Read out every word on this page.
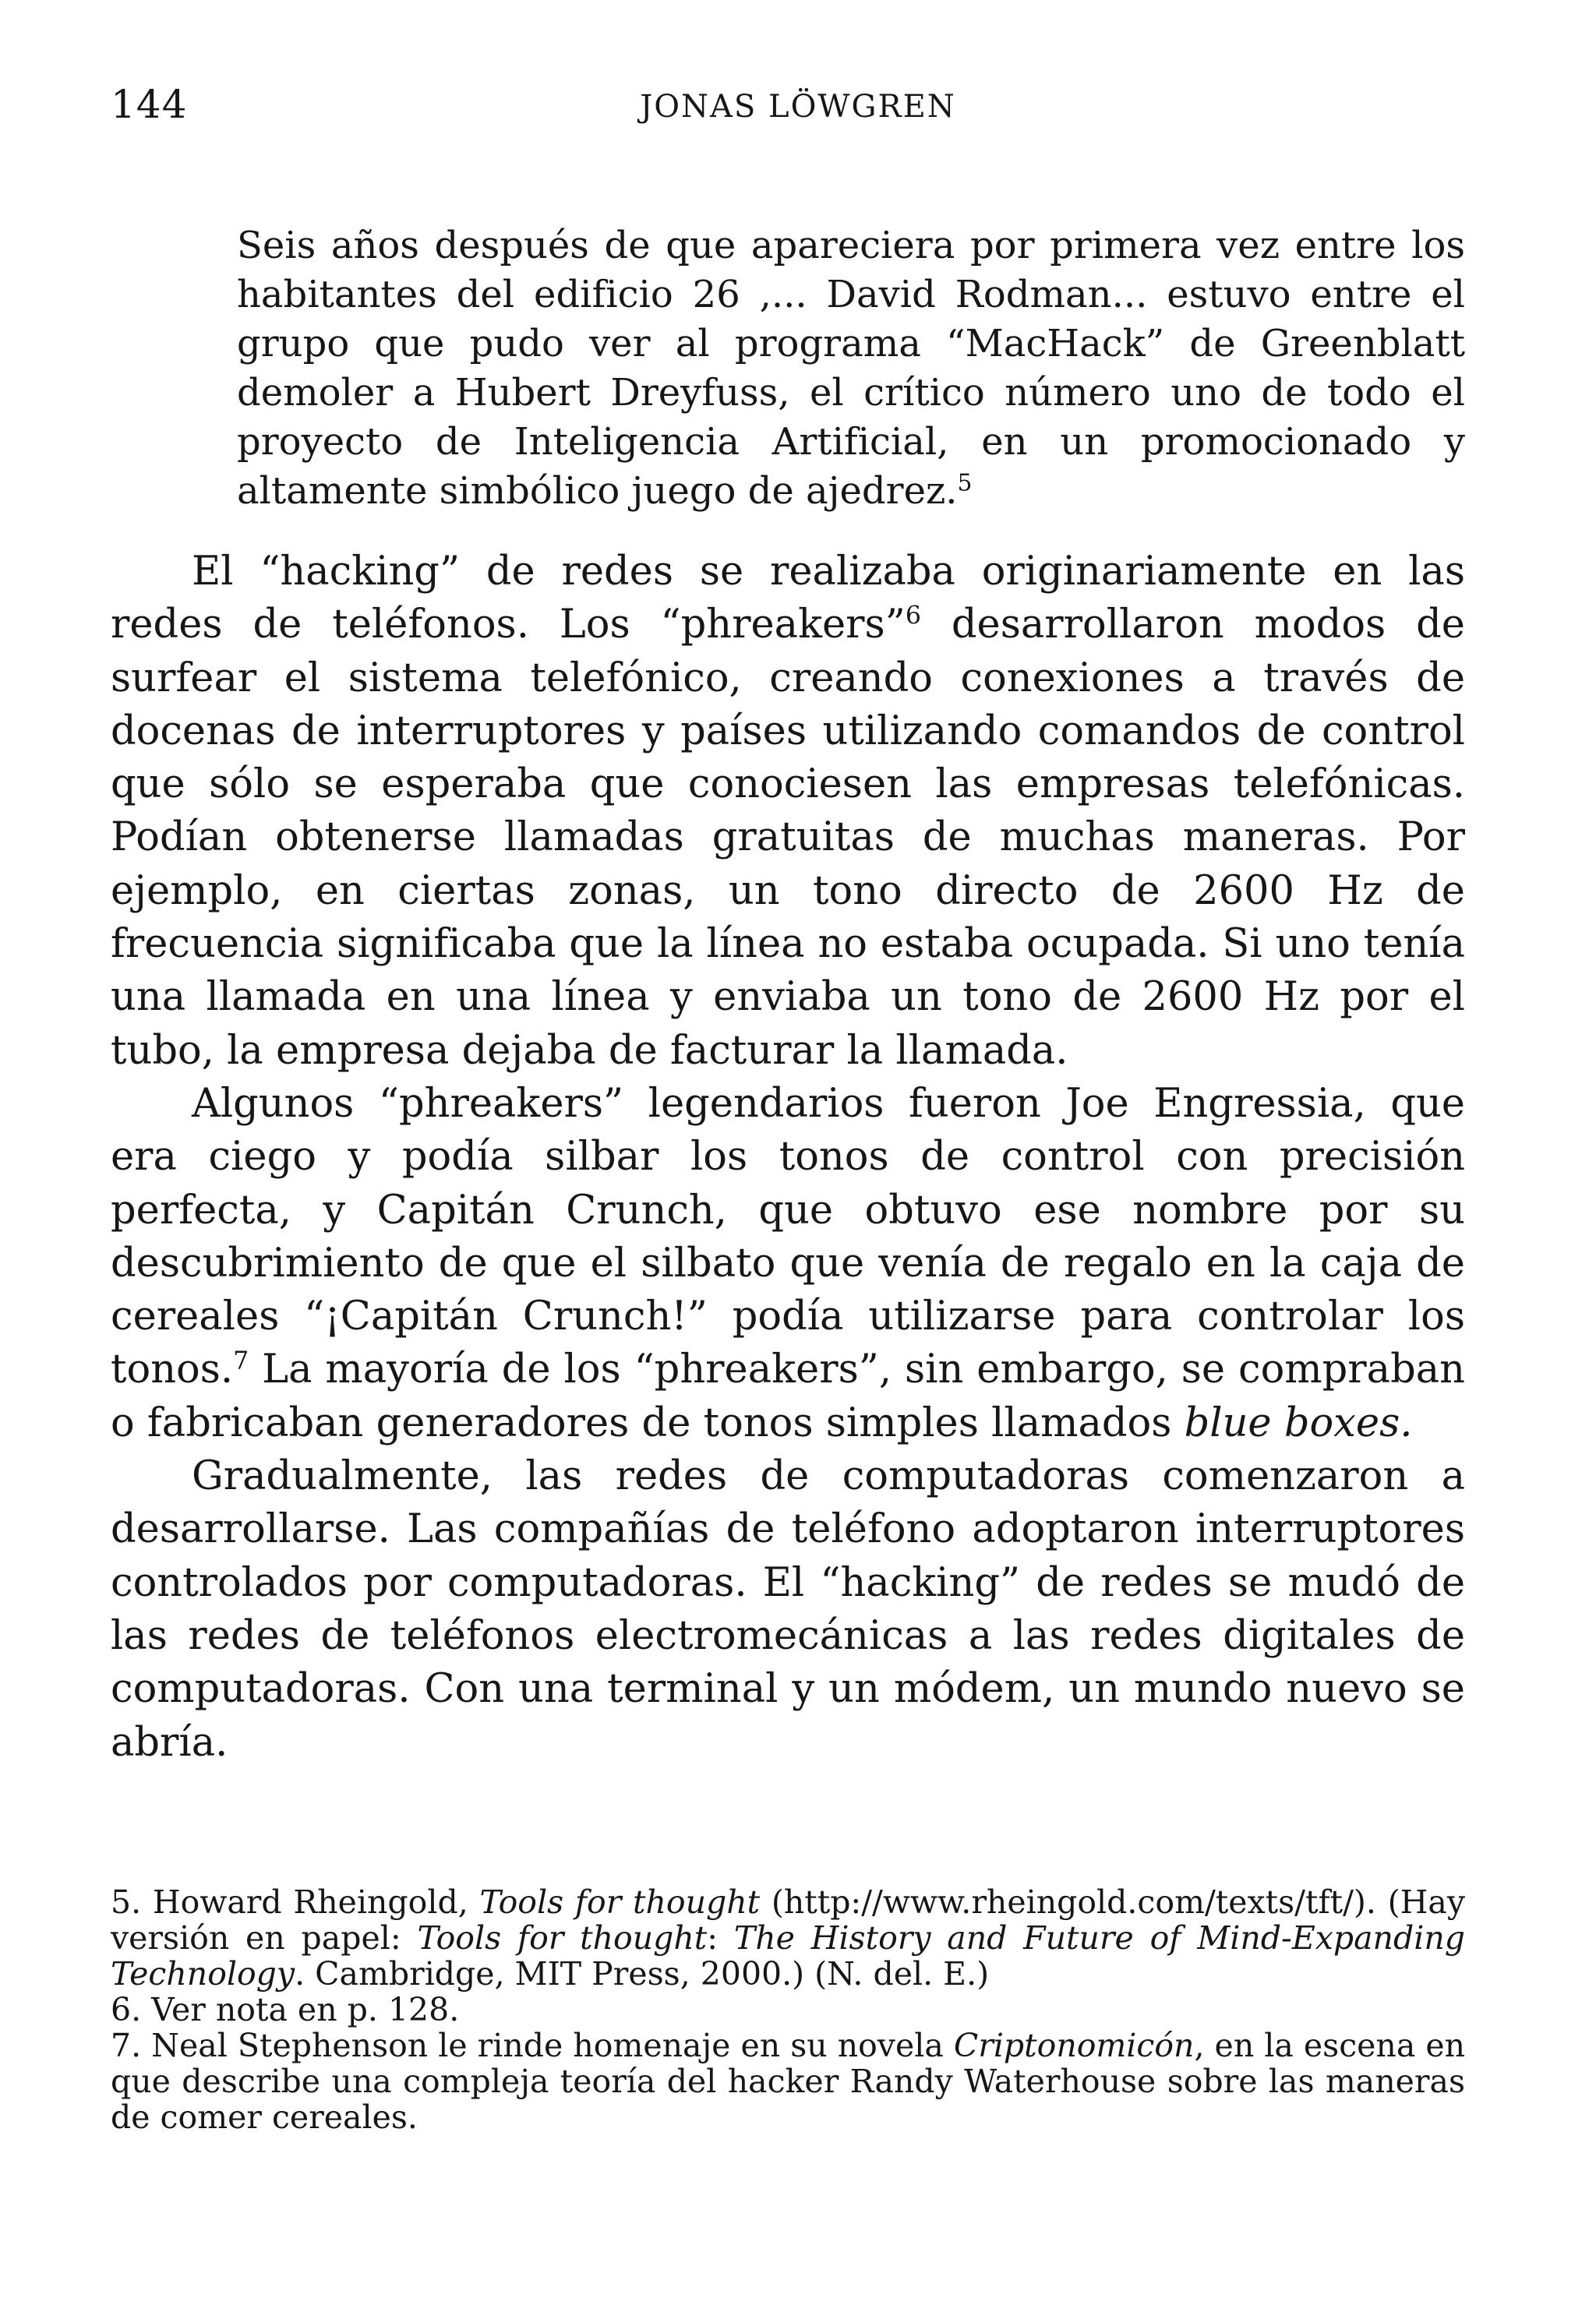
144	JONAS LÖWGREN

Seis años después de que apareciera por primera vez entre los habitantes del edificio 26 ,... David Rodman... estuvo entre el grupo que pudo ver al programa “MacHack” de Greenblatt demoler a Hubert Dreyfuss, el crítico número uno de todo el proyecto de Inteligencia Artificial, en un promocionado y altamente simbólico juego de ajedrez.$^5$

El “hacking” de redes se realizaba originariamente en las redes de teléfonos. Los “phreakers”$^6$ desarrollaron modos de surfear el sistema telefónico, creando conexiones a través de docenas de interruptores y países utilizando comandos de control que sólo se esperaba que conociesen las empresas telefónicas. Podían obtenerse llamadas gratuitas de muchas maneras. Por ejemplo, en ciertas zonas, un tono directo de 2600 Hz de frecuencia significaba que la línea no estaba ocupada. Si uno tenía una llamada en una línea y enviaba un tono de 2600 Hz por el tubo, la empresa dejaba de facturar la llamada.

Algunos “phreakers” legendarios fueron Joe Engressia, que era ciego y podía silbar los tonos de control con precisión perfecta, y Capitán Crunch, que obtuvo ese nombre por su descubrimiento de que el silbato que venía de regalo en la caja de cereales “¡Capitán Crunch!” podía utilizarse para controlar los tonos.$^7$ La mayoría de los “phreakers”, sin embargo, se compraban o fabricaban generadores de tonos simples llamados blue boxes.

Gradualmente, las redes de computadoras comenzaron a desarrollarse. Las compañías de teléfono adoptaron interruptores controlados por computadoras. El “hacking” de redes se mudó de las redes de teléfonos electromecánicas a las redes digitales de computadoras. Con una terminal y un módem, un mundo nuevo se abría.

5. Howard Rheingold, Tools for thought (http://www.rheingold.com/texts/tft/). (Hay versión en papel: Tools for thought: The History and Future of Mind-Expanding Technology. Cambridge, MIT Press, 2000.) (N. del. E.)

6. Ver nota en p. 128.

7. Neal Stephenson le rinde homenaje en su novela Criptonomicón, en la escena en que describe una compleja teoría del hacker Randy Waterhouse sobre las maneras de comer cereales.
